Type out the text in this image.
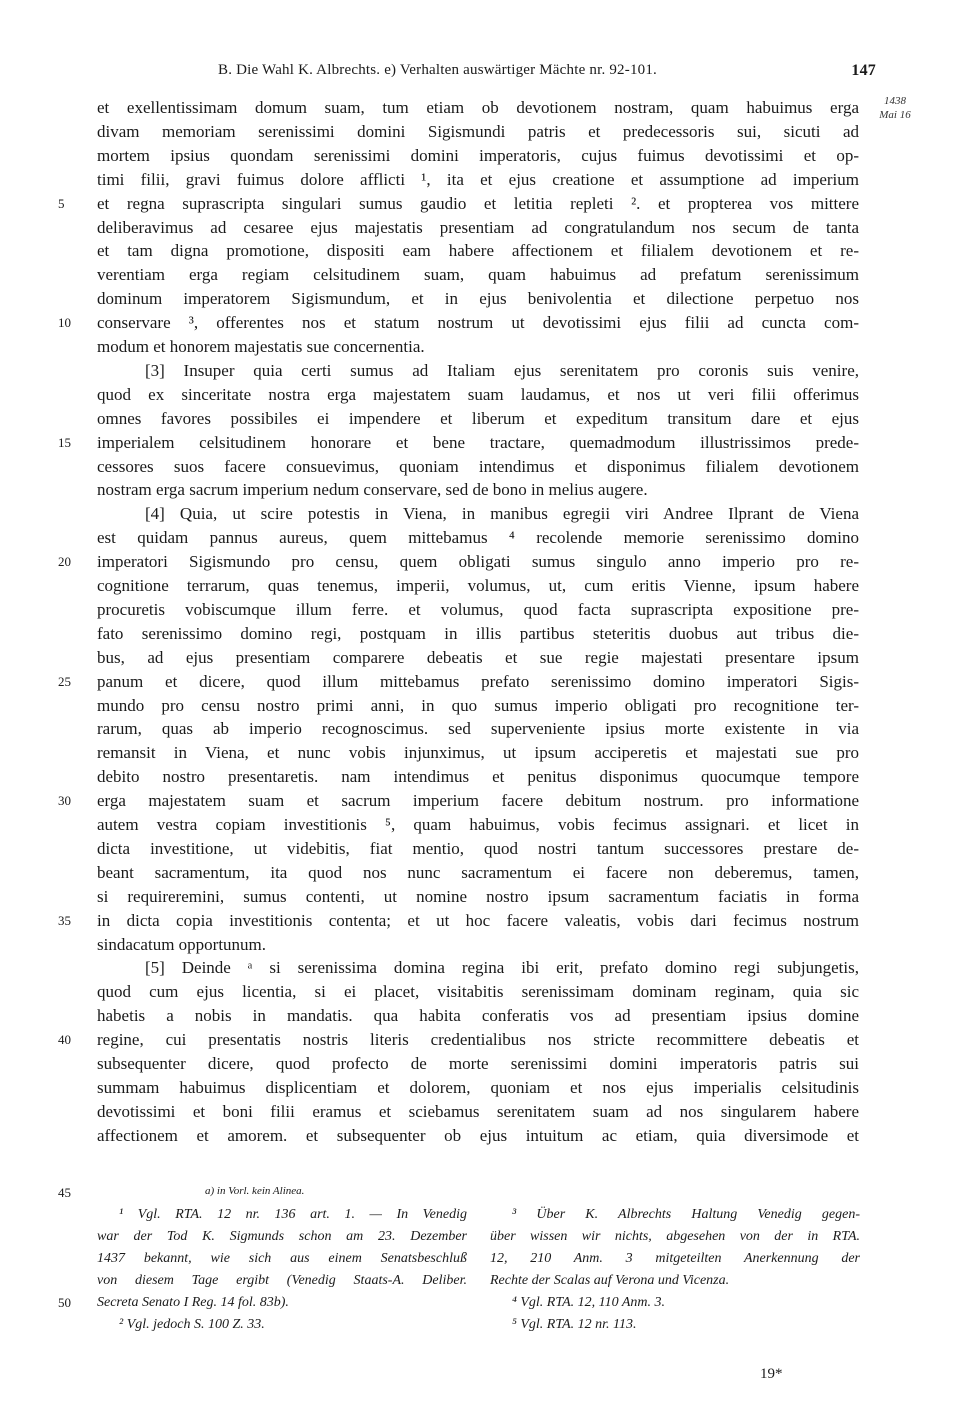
B. Die Wahl K. Albrechts. e) Verhalten auswärtiger Mächte nr. 92-101.	147
1438
Mai 16
et exellentissimam domum suam, tum etiam ob devotionem nostram, quam habuimus erga
divam memoriam serenissimi domini Sigismundi patris et predecessoris sui, sicuti ad
mortem ipsius quondam serenissimi domini imperatoris, cujus fuimus devotissimi et op-
timi filii, gravi fuimus dolore afflicti ¹, ita et ejus creatione et assumptione ad imperium
5	et regna suprascripta singulari sumus gaudio et letitia repleti ². et propterea vos mittere
deliberavimus ad cesaree ejus majestatis presentiam ad congratulandum nos secum de tanta
et tam digna promotione, dispositi eam habere affectionem et filialem devotionem et re-
verentiam erga regiam celsitudinem suam, quam habuimus ad prefatum serenissimum
dominum imperatorem Sigismundum, et in ejus benivolentia et dilectione perpetuo nos
10	conservare ³, offerentes nos et statum nostrum ut devotissimi ejus filii ad cuncta com-
modum et honorem majestatis sue concernentia.
[3] Insuper quia certi sumus ad Italiam ejus serenitatem pro coronis suis venire,
quod ex sinceritate nostra erga majestatem suam laudamus, et nos ut veri filii offerimus
omnes favores possibiles ei impendere et liberum et expeditum transitum dare et ejus
15	imperialem celsitudinem honorare et bene tractare, quemadmodum illustrissimos prede-
cessores suos facere consuevimus, quoniam intendimus et disponimus filialem devotionem
nostram erga sacrum imperium nedum conservare, sed de bono in melius augere.
[4] Quia, ut scire potestis in Viena, in manibus egregii viri Andree Ilprant de Viena
est quidam pannus aureus, quem mittebamus ⁴ recolende memorie serenissimo domino
20	imperatori Sigismundo pro censu, quem obligati sumus singulo anno imperio pro re-
cognitione terrarum, quas tenemus, imperii, volumus, ut, cum eritis Vienne, ipsum habere
procuretis vobiscumque illum ferre. et volumus, quod facta suprascripta expositione pre-
fato serenissimo domino regi, postquam in illis partibus steteritis duobus aut tribus die-
bus, ad ejus presentiam comparere debeatis et sue regie majestati presentare ipsum
25	panum et dicere, quod illum mittebamus prefato serenissimo domino imperatori Sigis-
mundo pro censu nostro primi anni, in quo sumus imperio obligati pro recognitione ter-
rarum, quas ab imperio recognoscimus. sed superveniente ipsius morte existente in via
remansit in Viena, et nunc vobis injunximus, ut ipsum acciperetis et majestati sue pro
debito nostro presentaretis. nam intendimus et penitus disponimus quocumque tempore
30	erga majestatem suam et sacrum imperium facere debitum nostrum. pro informatione
autem vestra copiam investitionis ⁵, quam habuimus, vobis fecimus assignari. et licet in
dicta investitione, ut videbitis, fiat mentio, quod nostri tantum successores prestare de-
beant sacramentum, ita quod nos nunc sacramentum ei facere non deberemus, tamen,
si requireremini, sumus contenti, ut nomine nostro ipsum sacramentum faciatis in forma
35	in dicta copia investitionis contenta; et ut hoc facere valeatis, vobis dari fecimus nostrum
sindacatum opportunum.
[5] Deinde ᵃ si serenissima domina regina ibi erit, prefato domino regi subjungetis,
quod cum ejus licentia, si ei placet, visitabitis serenissimam dominam reginam, quia sic
habetis a nobis in mandatis. qua habita conferatis vos ad presentiam ipsius domine
40	regine, cui presentatis nostris literis credentialibus nos stricte recommittere debeatis et
subsequenter dicere, quod profecto de morte serenissimi domini imperatoris patris sui
summam habuimus displicentiam et dolorem, quoniam et nos ejus imperialis celsitudinis
devotissimi et boni filii eramus et sciebamus serenitatem suam ad nos singularem habere
affectionem et amorem. et subsequenter ob ejus intuitum ac etiam, quia diversimode et
45	a) in Vorl. kein Alinea.
¹ Vgl. RTA. 12 nr. 136 art. 1. — In Venedig
war der Tod K. Sigmunds schon am 23. Dezember
1437 bekannt, wie sich aus einem Senatsbeschluß
von diesem Tage ergibt (Venedig Staats-A. Deliber.
50 Secreta Senato I Reg. 14 fol. 83b).
² Vgl. jedoch S. 100 Z. 33.
³ Über K. Albrechts Haltung Venedig gegen-
über wissen wir nichts, abgesehen von der in RTA.
12, 210 Anm. 3 mitgeteilten Anerkennung der
Rechte der Scalas auf Verona und Vicenza.
⁴ Vgl. RTA. 12, 110 Anm. 3.
⁵ Vgl. RTA. 12 nr. 113.
19*
